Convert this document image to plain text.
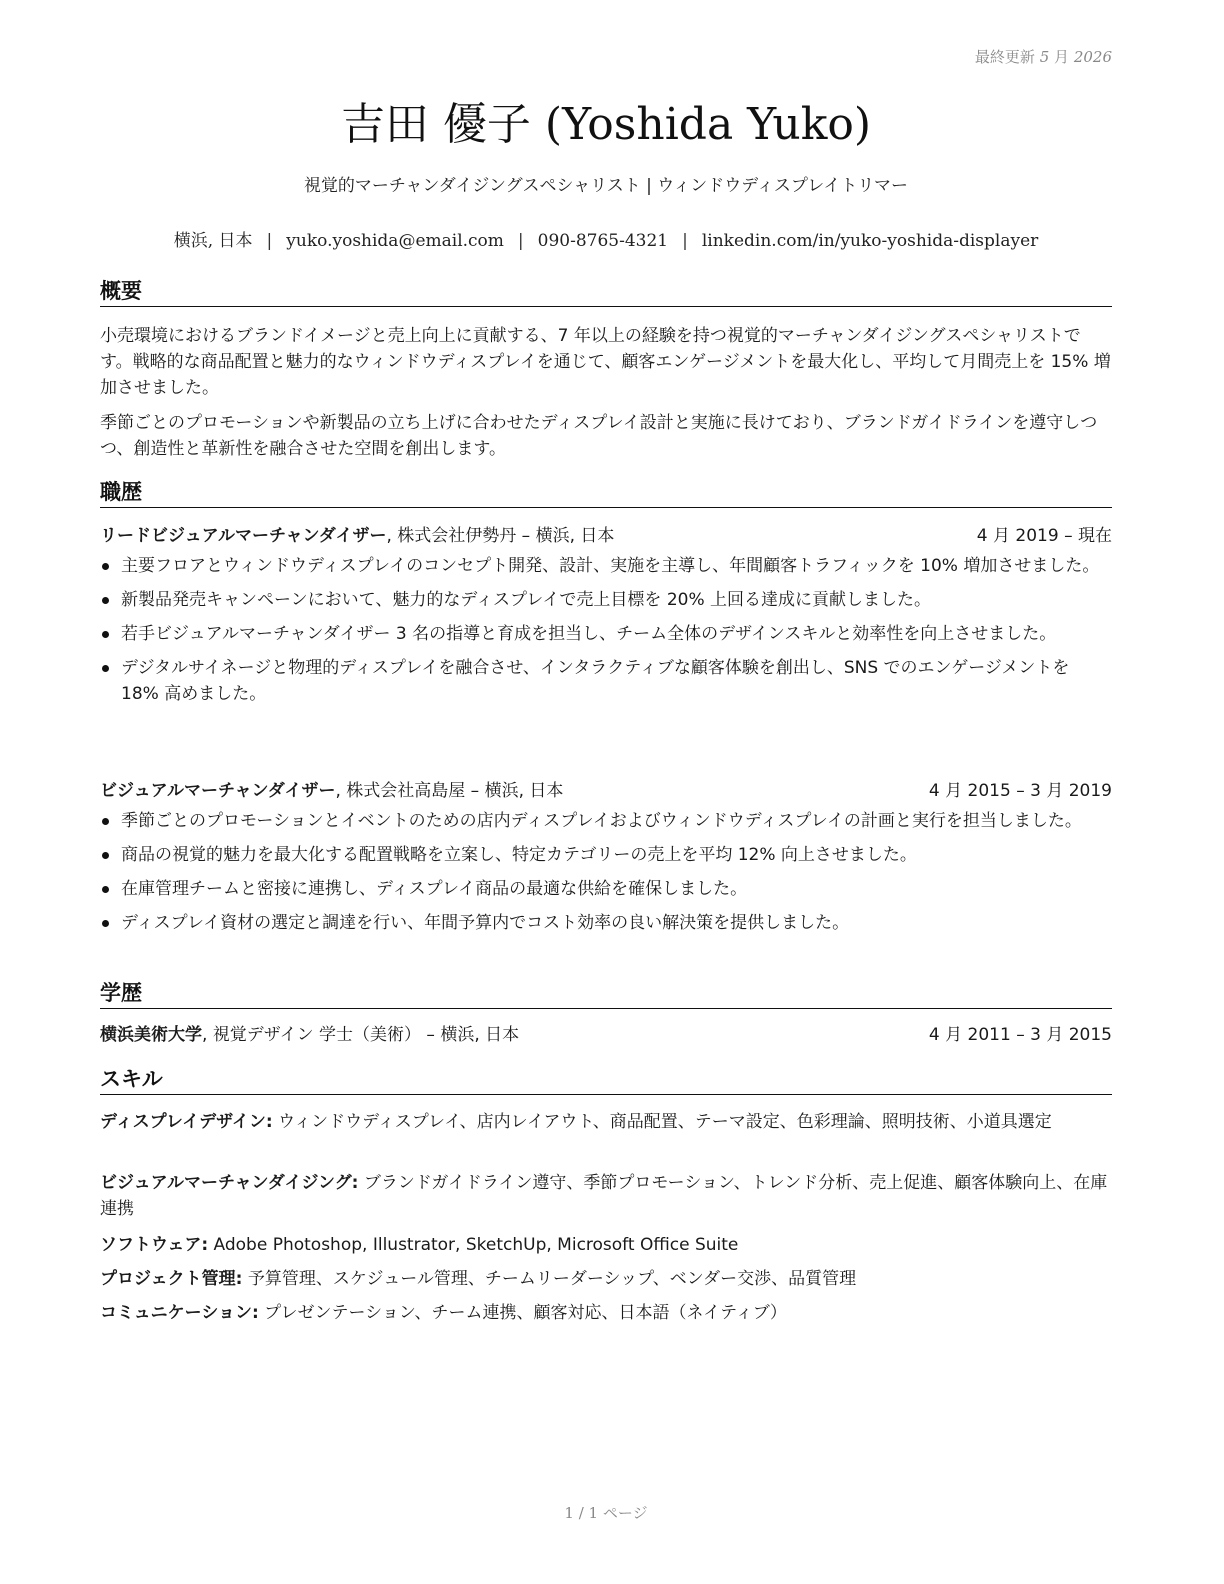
最終更新 5 月 2026
吉田 優子 (Yoshida Yuko)
視覚的マーチャンダイジングスペシャリスト | ウィンドウディスプレイトリマー
横浜, 日本 | yuko.yoshida@email.com | 090-8765-4321 | linkedin.com/in/yuko-yoshida-displayer
概要
小売環境におけるブランドイメージと売上向上に貢献する、7 年以上の経験を持つ視覚的マーチャンダイジングスペシャリストです。戦略的な商品配置と魅力的なウィンドウディスプレイを通じて、顧客エンゲージメントを最大化し、平均して月間売上を 15% 増加させました。
季節ごとのプロモーションや新製品の立ち上げに合わせたディスプレイ設計と実施に長けており、ブランドガイドラインを遵守しつつ、創造性と革新性を融合させた空間を創出します。
職歴
リードビジュアルマーチャンダイザー, 株式会社伊勢丹 – 横浜, 日本	4 月 2019 – 現在
主要フロアとウィンドウディスプレイのコンセプト開発、設計、実施を主導し、年間顧客トラフィックを 10% 増加させました。
新製品発売キャンペーンにおいて、魅力的なディスプレイで売上目標を 20% 上回る達成に貢献しました。
若手ビジュアルマーチャンダイザー 3 名の指導と育成を担当し、チーム全体のデザインスキルと効率性を向上させました。
デジタルサイネージと物理的ディスプレイを融合させ、インタラクティブな顧客体験を創出し、SNS でのエンゲージメントを 18% 高めました。
ビジュアルマーチャンダイザー, 株式会社高島屋 – 横浜, 日本	4 月 2015 – 3 月 2019
季節ごとのプロモーションとイベントのための店内ディスプレイおよびウィンドウディスプレイの計画と実行を担当しました。
商品の視覚的魅力を最大化する配置戦略を立案し、特定カテゴリーの売上を平均 12% 向上させました。
在庫管理チームと密接に連携し、ディスプレイ商品の最適な供給を確保しました。
ディスプレイ資材の選定と調達を行い、年間予算内でコスト効率の良い解決策を提供しました。
学歴
横浜美術大学, 視覚デザイン 学士（美術） – 横浜, 日本	4 月 2011 – 3 月 2015
スキル
ディスプレイデザイン: ウィンドウディスプレイ、店内レイアウト、商品配置、テーマ設定、色彩理論、照明技術、小道具選定
ビジュアルマーチャンダイジング: ブランドガイドライン遵守、季節プロモーション、トレンド分析、売上促進、顧客体験向上、在庫連携
ソフトウェア: Adobe Photoshop, Illustrator, SketchUp, Microsoft Office Suite
プロジェクト管理: 予算管理、スケジュール管理、チームリーダーシップ、ベンダー交渉、品質管理
コミュニケーション: プレゼンテーション、チーム連携、顧客対応、日本語（ネイティブ）
1 / 1 ページ
